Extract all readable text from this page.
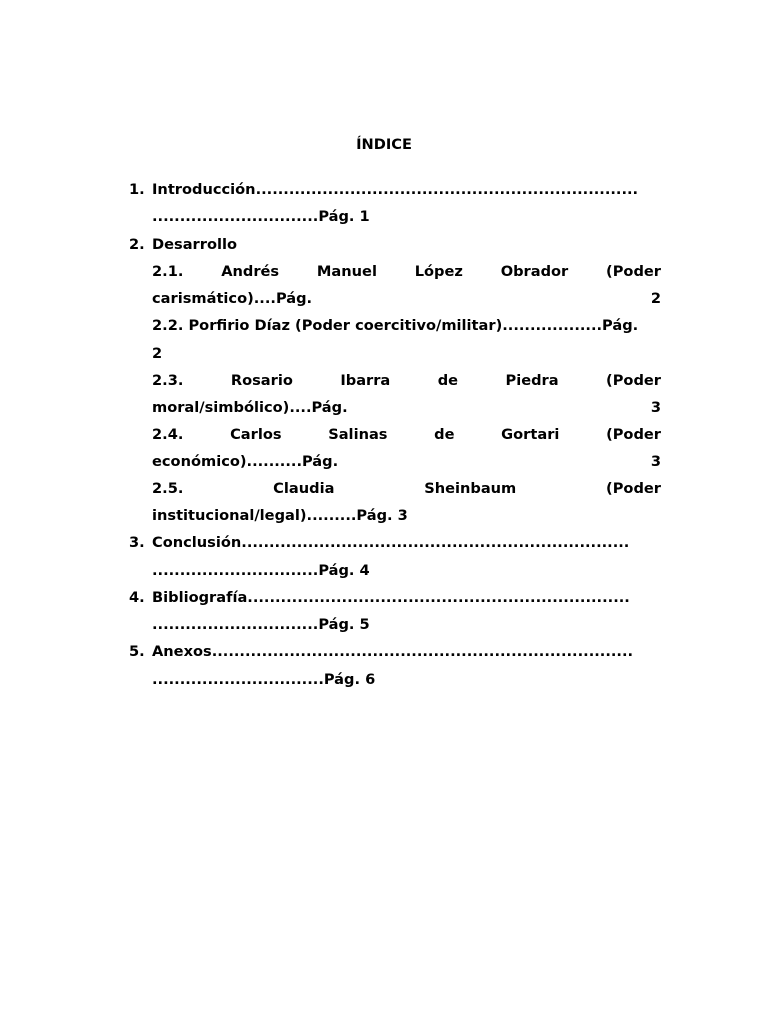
ÍNDICE
1. Introducción.....................................................................
..............................Pág. 1
2. Desarrollo
2.1.	Andrés	Manuel	López	Obrador	(Poder
carismático)....Pág.	2
2.2. Porfirio Díaz (Poder coercitivo/militar)..................Pág.
2
2.3.	Rosario	Ibarra	de	Piedra	(Poder
moral/simbólico)....Pág.	3
2.4.	Carlos	Salinas	de	Gortari	(Poder
económico)..........Pág.	3
2.5.	Claudia	Sheinbaum	(Poder
institucional/legal).........Pág. 3
3. Conclusión......................................................................
..............................Pág. 4
4. Bibliografía.....................................................................
..............................Pág. 5
5. Anexos............................................................................
...............................Pág. 6
